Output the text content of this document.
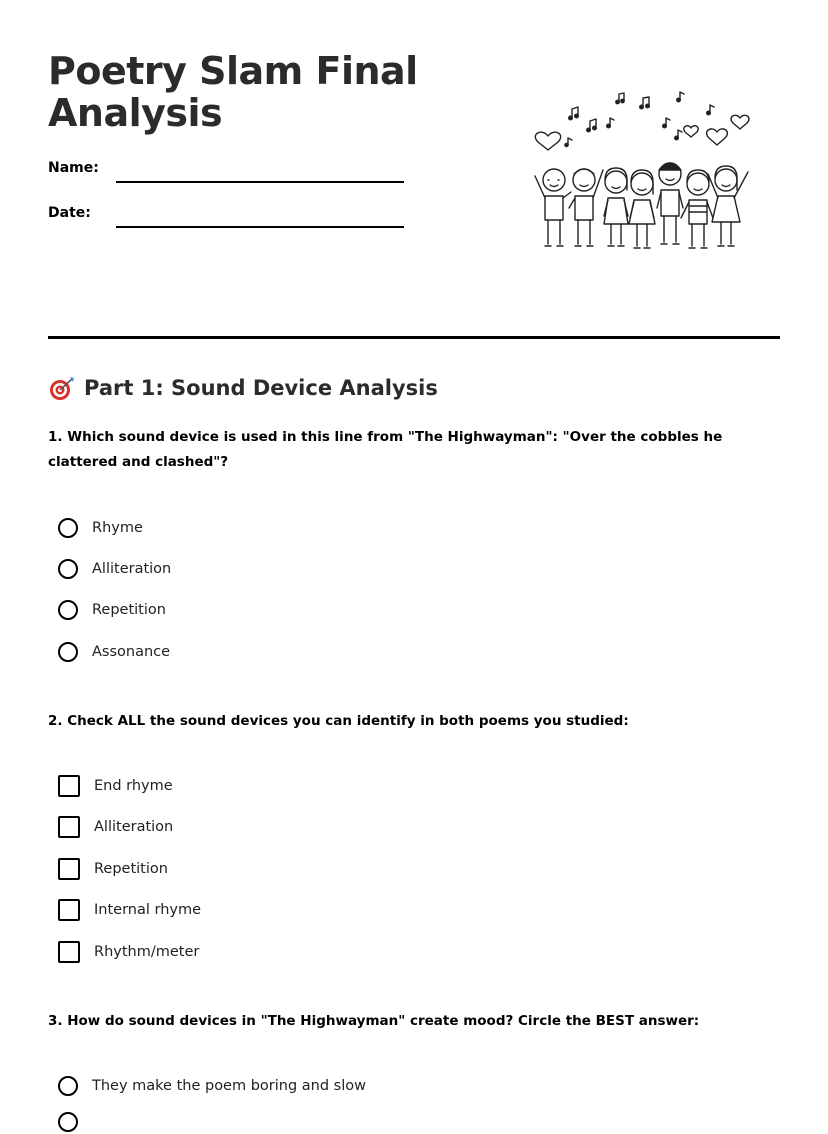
Poetry Slam Final Analysis
Name:
Date:
Part 1: Sound Device Analysis

1. Which sound device is used in this line from "The Highwayman": "Over the cobbles he clattered and clashed"?

Rhyme
Alliteration
Repetition
Assonance

2. Check ALL the sound devices you can identify in both poems you studied:

End rhyme
Alliteration
Repetition
Internal rhyme
Rhythm/meter

3. How do sound devices in "The Highwayman" create mood? Circle the BEST answer:

They make the poem boring and slow
